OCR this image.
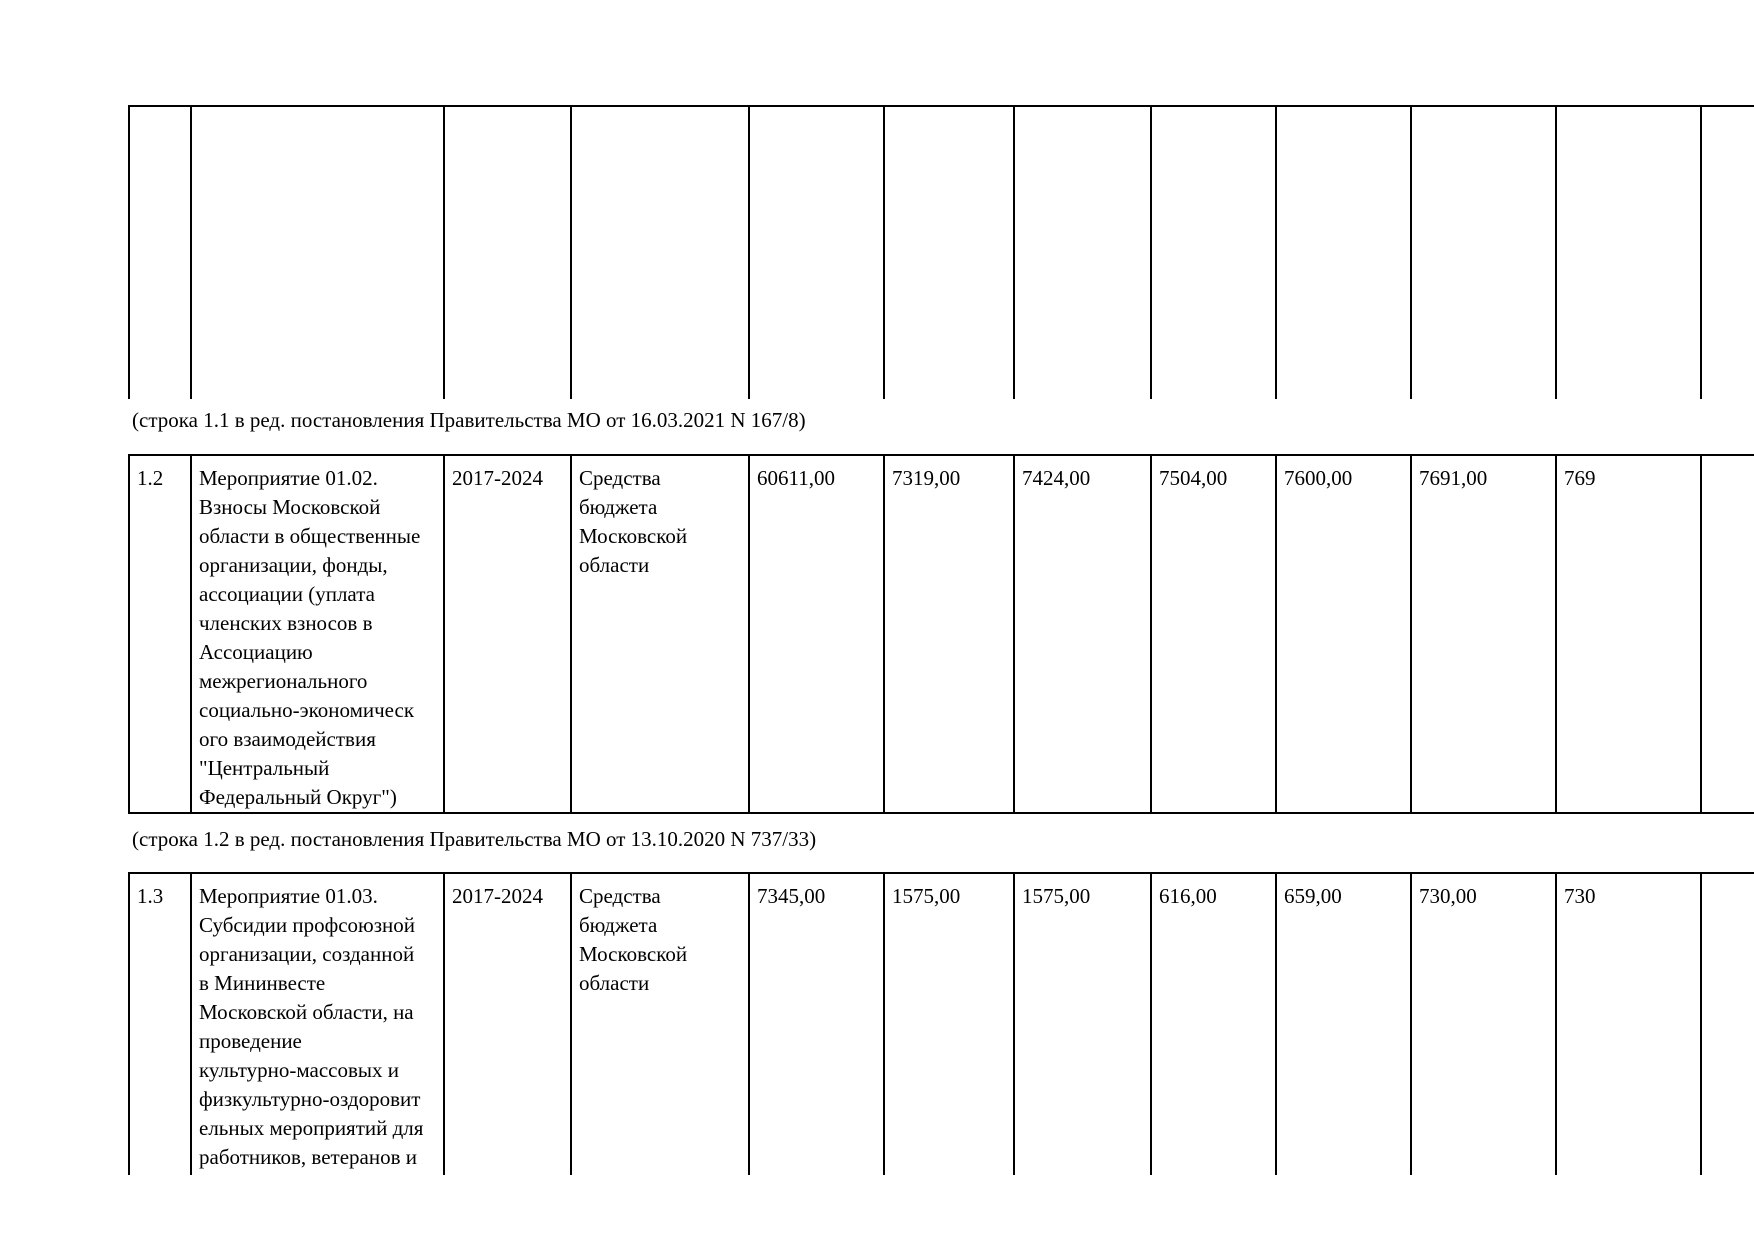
(строка 1.1 в ред. постановления Правительства МО от 16.03.2021 N 167/8)
1.2	Мероприятие 01.02.
Взносы Московской
области в общественные
организации, фонды,
ассоциации (уплата
членских взносов в
Ассоциацию
межрегионального
социально-экономическ
ого взаимодействия
"Центральный
Федеральный Округ")
2017-2024	Средства
бюджета
Московской
области
60611,00	7319,00	7424,00	7504,00	7600,00	7691,00	769
(строка 1.2 в ред. постановления Правительства МО от 13.10.2020 N 737/33)
1.3	Мероприятие 01.03.
Субсидии профсоюзной
организации, созданной
в Мининвесте
Московской области, на
проведение
культурно-массовых и
физкультурно-оздоровит
ельных мероприятий для
работников, ветеранов и
2017-2024	Средства
бюджета
Московской
области
7345,00	1575,00	1575,00	616,00	659,00	730,00	730
